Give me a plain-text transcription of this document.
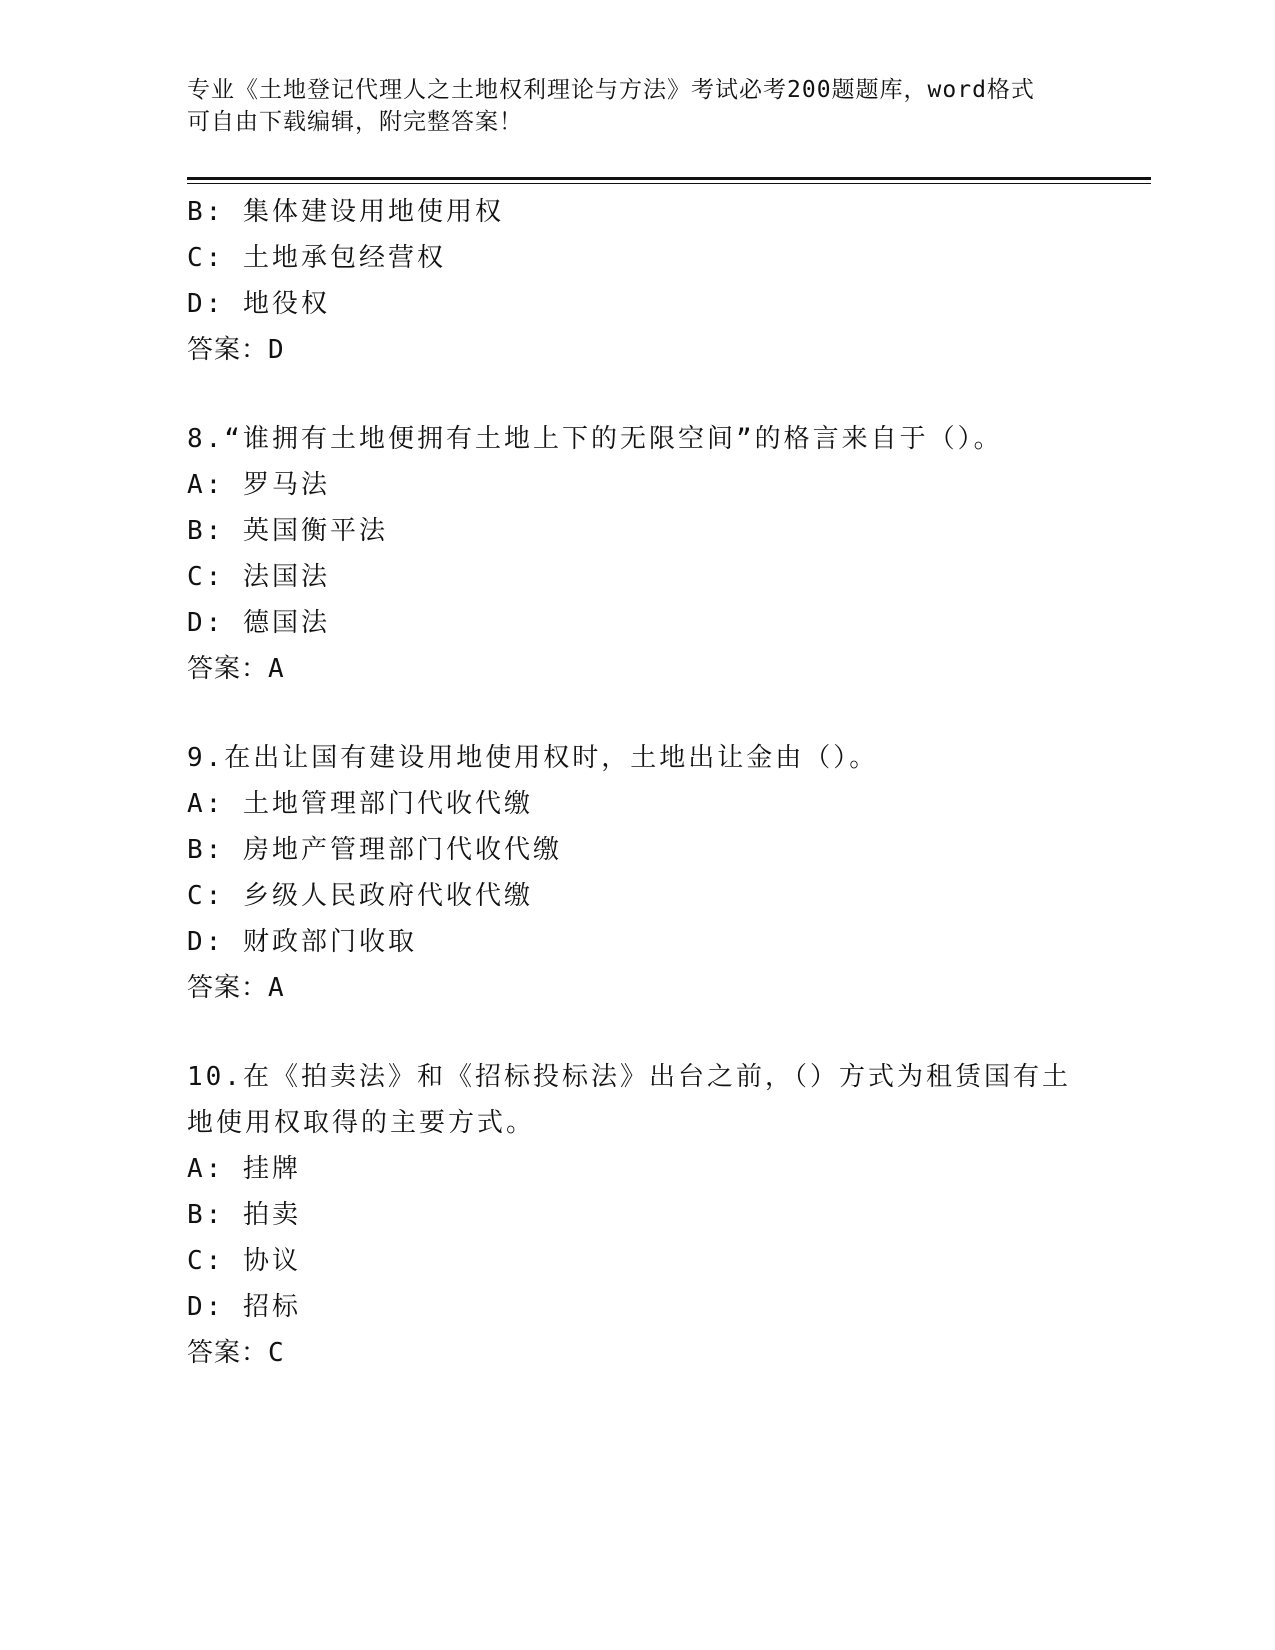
专业《土地登记代理人之土地权利理论与方法》考试必考200题题库，word格式
可自由下载编辑，附完整答案！
B: 集体建设用地使用权
C: 土地承包经营权
D: 地役权
答案：D
8.“谁拥有土地便拥有土地上下的无限空间”的格言来自于（）。
A: 罗马法
B: 英国衡平法
C: 法国法
D: 德国法
答案：A
9.在出让国有建设用地使用权时，土地出让金由（）。
A: 土地管理部门代收代缴
B: 房地产管理部门代收代缴
C: 乡级人民政府代收代缴
D: 财政部门收取
答案：A
10.在《拍卖法》和《招标投标法》出台之前，（）方式为租赁国有土
地使用权取得的主要方式。
A: 挂牌
B: 拍卖
C: 协议
D: 招标
答案：C
